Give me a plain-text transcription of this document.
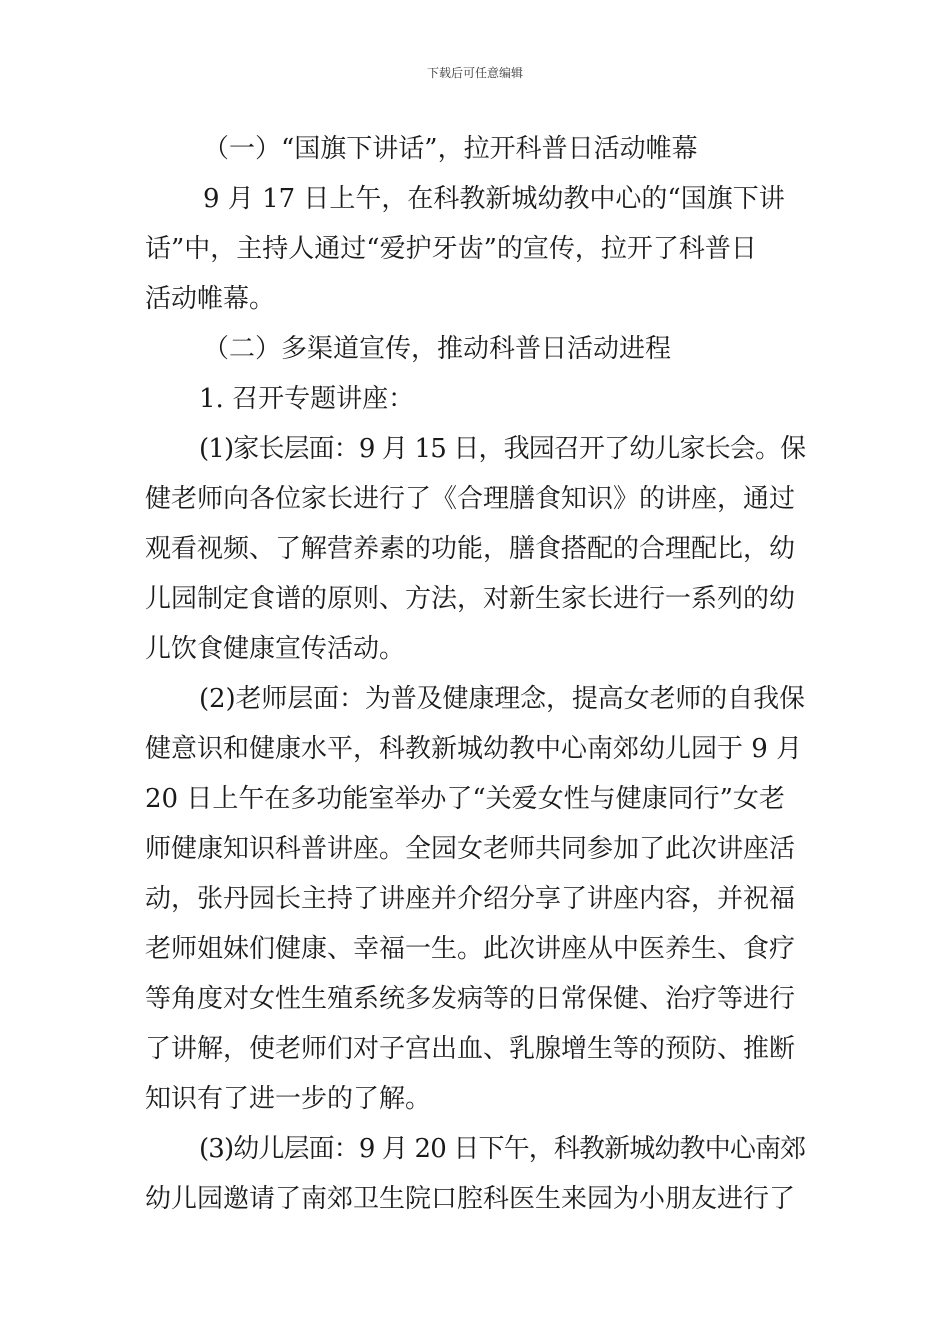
下载后可任意编辑
（一）“国旗下讲话”，拉开科普日活动帷幕
9 月 17 日上午，在科教新城幼教中心的“国旗下讲
话”中，主持人通过“爱护牙齿”的宣传，拉开了科普日
活动帷幕。
（二）多渠道宣传，推动科普日活动进程
1. 召开专题讲座：
(1)家长层面：9 月 15 日，我园召开了幼儿家长会。保
健老师向各位家长进行了《合理膳食知识》的讲座，通过
观看视频、了解营养素的功能，膳食搭配的合理配比，幼
儿园制定食谱的原则、方法，对新生家长进行一系列的幼
儿饮食健康宣传活动。
(2)老师层面：为普及健康理念，提高女老师的自我保
健意识和健康水平，科教新城幼教中心南郊幼儿园于 9 月
20 日上午在多功能室举办了“关爱女性与健康同行”女老
师健康知识科普讲座。全园女老师共同参加了此次讲座活
动，张丹园长主持了讲座并介绍分享了讲座内容，并祝福
老师姐妹们健康、幸福一生。此次讲座从中医养生、食疗
等角度对女性生殖系统多发病等的日常保健、治疗等进行
了讲解，使老师们对子宫出血、乳腺增生等的预防、推断
知识有了进一步的了解。
(3)幼儿层面：9 月 20 日下午，科教新城幼教中心南郊
幼儿园邀请了南郊卫生院口腔科医生来园为小朋友进行了
